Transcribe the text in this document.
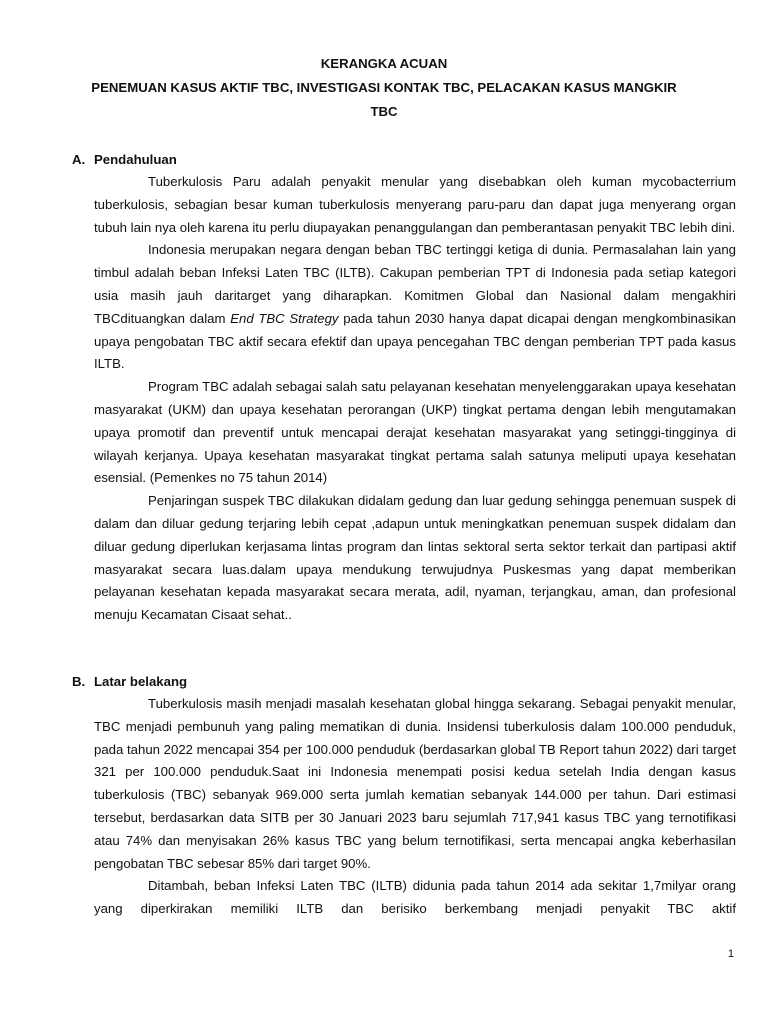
KERANGKA ACUAN
PENEMUAN KASUS AKTIF TBC, INVESTIGASI KONTAK TBC, PELACAKAN KASUS MANGKIR
TBC
A. Pendahuluan

Tuberkulosis Paru adalah penyakit menular yang disebabkan oleh kuman mycobacterrium tuberkulosis, sebagian besar kuman tuberkulosis menyerang paru-paru dan dapat juga menyerang organ tubuh lain nya oleh karena itu perlu diupayakan penanggulangan dan pemberantasan penyakit TBC lebih dini.

Indonesia merupakan negara dengan beban TBC tertinggi ketiga di dunia. Permasalahan lain yang timbul adalah beban Infeksi Laten TBC (ILTB). Cakupan pemberian TPT di Indonesia pada setiap kategori usia masih jauh daritarget yang diharapkan. Komitmen Global dan Nasional dalam mengakhiri TBCdituangkan dalam End TBC Strategy pada tahun 2030 hanya dapat dicapai dengan mengkombinasikan upaya pengobatan TBC aktif secara efektif dan upaya pencegahan TBC dengan pemberian TPT pada kasus ILTB.

Program TBC adalah sebagai salah satu pelayanan kesehatan menyelenggarakan upaya kesehatan masyarakat (UKM) dan upaya kesehatan perorangan (UKP) tingkat pertama dengan lebih mengutamakan upaya promotif dan preventif untuk mencapai derajat kesehatan masyarakat yang setinggi-tingginya di wilayah kerjanya. Upaya kesehatan masyarakat tingkat pertama salah satunya meliputi upaya kesehatan esensial. (Pemenkes no 75 tahun 2014)

Penjaringan suspek TBC dilakukan didalam gedung dan luar gedung sehingga penemuan suspek di dalam dan diluar gedung terjaring lebih cepat ,adapun untuk meningkatkan penemuan suspek didalam dan diluar gedung diperlukan kerjasama lintas program dan lintas sektoral serta sektor terkait dan partipasi aktif masyarakat secara luas.dalam upaya mendukung terwujudnya Puskesmas yang dapat memberikan pelayanan kesehatan kepada masyarakat secara merata, adil, nyaman, terjangkau, aman, dan profesional menuju Kecamatan Cisaat sehat..

B. Latar belakang

Tuberkulosis masih menjadi masalah kesehatan global hingga sekarang. Sebagai penyakit menular, TBC menjadi pembunuh yang paling mematikan di dunia. Insidensi tuberkulosis dalam 100.000 penduduk, pada tahun 2022 mencapai 354 per 100.000 penduduk (berdasarkan global TB Report tahun 2022) dari target 321 per 100.000 penduduk.Saat ini Indonesia menempati posisi kedua setelah India dengan kasus tuberkulosis (TBC) sebanyak 969.000 serta jumlah kematian sebanyak 144.000 per tahun. Dari estimasi tersebut, berdasarkan data SITB per 30 Januari 2023 baru sejumlah 717,941 kasus TBC yang ternotifikasi atau 74% dan menyisakan 26% kasus TBC yang belum ternotifikasi, serta mencapai angka keberhasilan pengobatan TBC sebesar 85% dari target 90%.

Ditambah, beban Infeksi Laten TBC (ILTB) didunia pada tahun 2014 ada sekitar 1,7milyar orang yang diperkirakan memiliki ILTB dan berisiko berkembang menjadi penyakit TBC aktif

1
